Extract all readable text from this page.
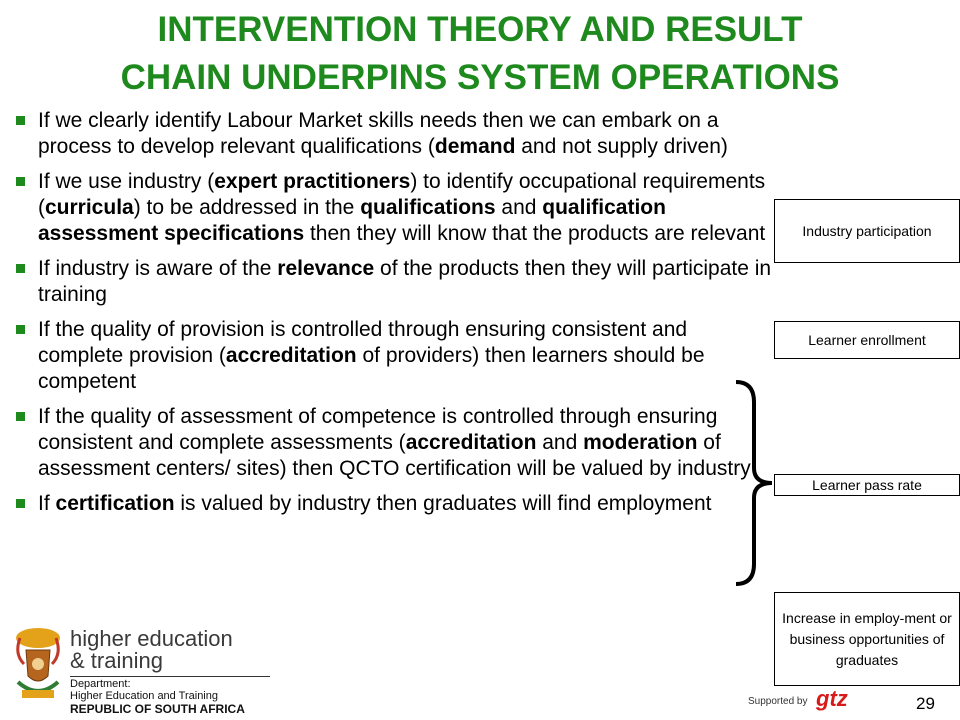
INTERVENTION THEORY AND RESULT
CHAIN UNDERPINS SYSTEM OPERATIONS
If we clearly identify Labour Market skills needs then we can embark on a process to develop relevant qualifications (demand and not supply driven)
If we use industry (expert practitioners) to identify occupational requirements (curricula) to be addressed in the qualifications and qualification assessment specifications then they will know that the products are relevant
If industry is aware of the relevance of the products then they will participate in training
If the quality of provision is controlled through ensuring consistent and complete provision (accreditation of providers) then learners should be competent
If the quality of assessment of competence is controlled through ensuring consistent and complete assessments (accreditation and moderation of assessment centers/ sites) then QCTO certification will be valued by industry
If certification is valued by industry then graduates will find employment
Industry participation
Learner enrollment
Learner pass rate
Increase in employ-ment or business opportunities of graduates
higher education
& training
Department:
Higher Education and Training
REPUBLIC OF SOUTH AFRICA
Supported by gtz	29
